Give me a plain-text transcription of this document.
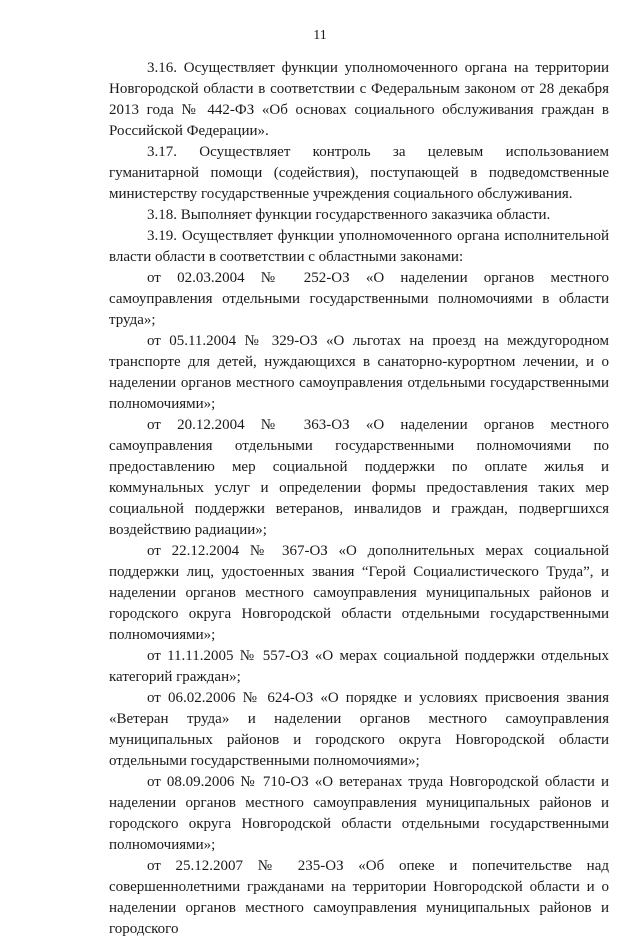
11

3.16. Осуществляет функции уполномоченного органа на территории Новгородской области в соответствии с Федеральным законом от 28 декабря 2013 года № 442-ФЗ «Об основах социального обслуживания граждан в Российской Федерации».

3.17. Осуществляет контроль за целевым использованием гуманитарной помощи (содействия), поступающей в подведомственные министерству государственные учреждения социального обслуживания.

3.18. Выполняет функции государственного заказчика области.

3.19. Осуществляет функции уполномоченного органа исполнительной власти области в соответствии с областными законами:

от 02.03.2004 № 252-ОЗ «О наделении органов местного самоуправления отдельными государственными полномочиями в области труда»;

от 05.11.2004 № 329-ОЗ «О льготах на проезд на междугородном транспорте для детей, нуждающихся в санаторно-курортном лечении, и о наделении органов местного самоуправления отдельными государственными полномочиями»;

от 20.12.2004 № 363-ОЗ «О наделении органов местного самоуправления отдельными государственными полномочиями по предоставлению мер социальной поддержки по оплате жилья и коммунальных услуг и определении формы предоставления таких мер социальной поддержки ветеранов, инвалидов и граждан, подвергшихся воздействию радиации»;

от 22.12.2004 № 367-ОЗ «О дополнительных мерах социальной поддержки лиц, удостоенных звания “Герой Социалистического Труда”, и наделении органов местного самоуправления муниципальных районов и городского округа Новгородской области отдельными государственными полномочиями»;

от 11.11.2005 № 557-ОЗ «О мерах социальной поддержки отдельных категорий граждан»;

от 06.02.2006 № 624-ОЗ «О порядке и условиях присвоения звания «Ветеран труда» и наделении органов местного самоуправления муниципальных районов и городского округа Новгородской области отдельными государственными полномочиями»;

от 08.09.2006 № 710-ОЗ «О ветеранах труда Новгородской области и наделении органов местного самоуправления муниципальных районов и городского округа Новгородской области отдельными государственными полномочиями»;

от 25.12.2007 № 235-ОЗ «Об опеке и попечительстве над совершеннолетними гражданами на территории Новгородской области и о наделении органов местного самоуправления муниципальных районов и городского
